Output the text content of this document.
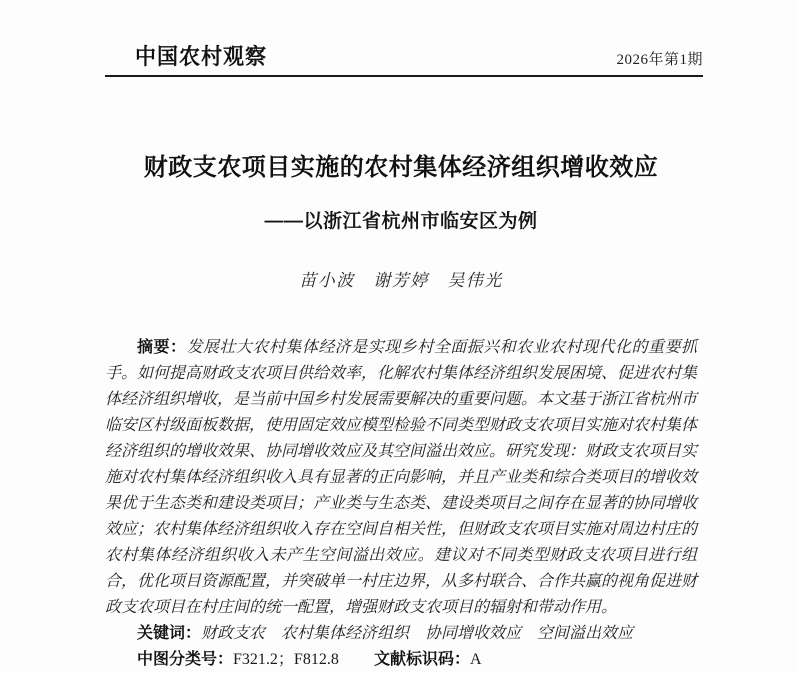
中国农村观察	2026年第1期
财政支农项目实施的农村集体经济组织增收效应
——以浙江省杭州市临安区为例
苗小波　谢芳婷　吴伟光

摘要：发展壮大农村集体经济是实现乡村全面振兴和农业农村现代化的重要抓手。如何提高财政支农项目供给效率，化解农村集体经济组织发展困境、促进农村集体经济组织增收，是当前中国乡村发展需要解决的重要问题。本文基于浙江省杭州市临安区村级面板数据，使用固定效应模型检验不同类型财政支农项目实施对农村集体经济组织的增收效果、协同增收效应及其空间溢出效应。研究发现：财政支农项目实施对农村集体经济组织收入具有显著的正向影响，并且产业类和综合类项目的增收效果优于生态类和建设类项目；产业类与生态类、建设类项目之间存在显著的协同增收效应；农村集体经济组织收入存在空间自相关性，但财政支农项目实施对周边村庄的农村集体经济组织收入未产生空间溢出效应。建议对不同类型财政支农项目进行组合，优化项目资源配置，并突破单一村庄边界，从多村联合、合作共赢的视角促进财政支农项目在村庄间的统一配置，增强财政支农项目的辐射和带动作用。

关键词：财政支农　农村集体经济组织　协同增收效应　空间溢出效应

中图分类号：F321.2；F812.8 文献标识码：A
